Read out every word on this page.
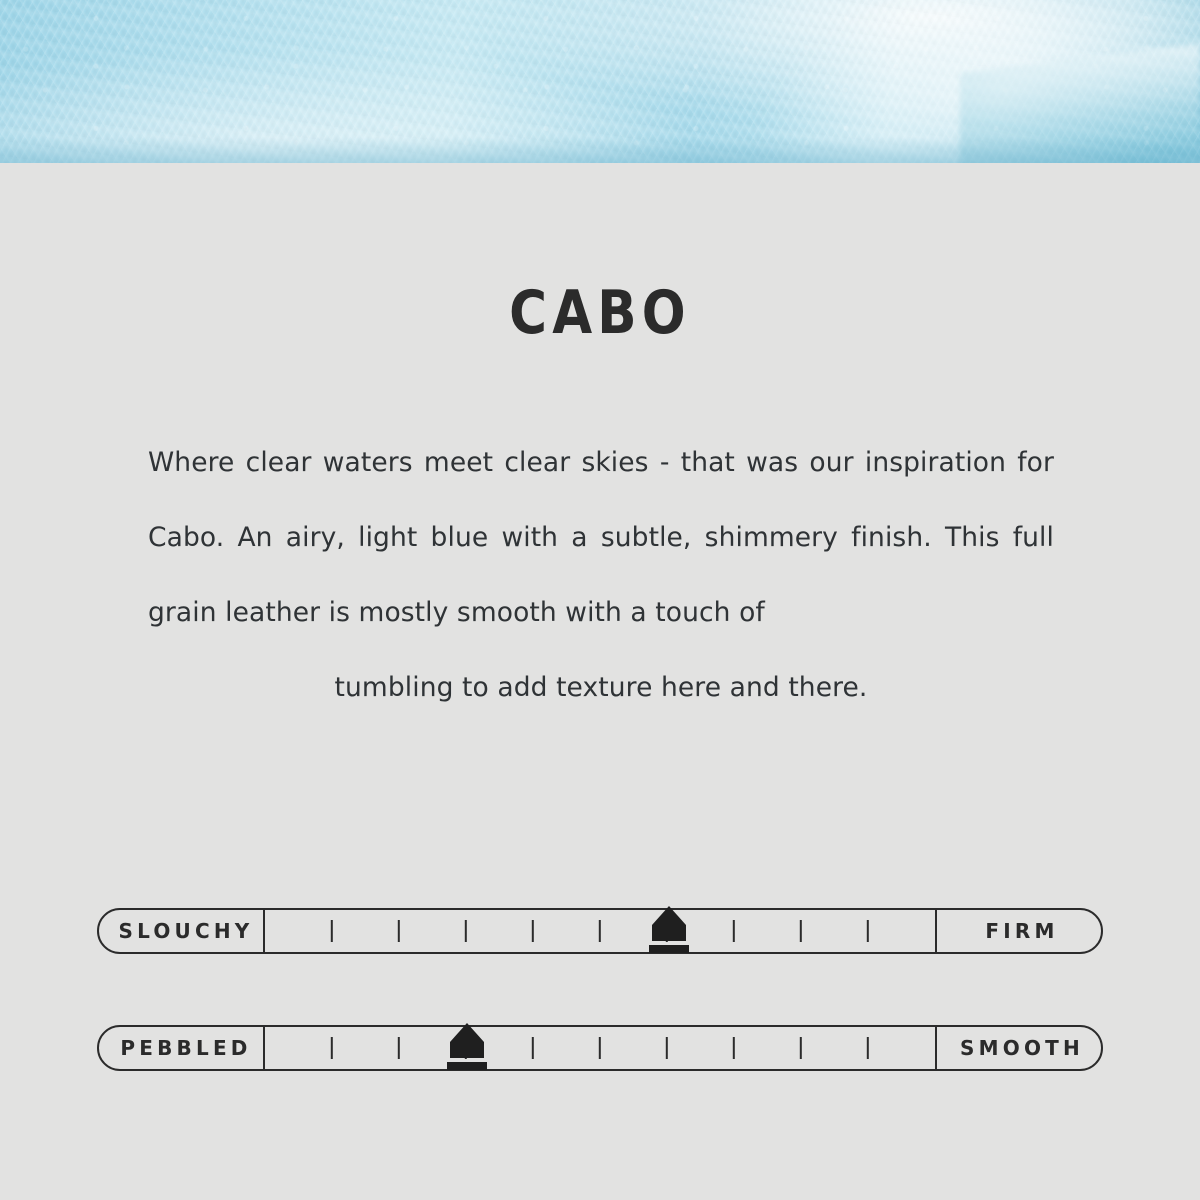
CABO
Where clear waters meet clear skies - that was our inspiration for Cabo. An airy, light blue with a subtle, shimmery finish. This full grain leather is mostly smooth with a touch of
tumbling to add texture here and there.
SLOUCHY	FIRM
PEBBLED	SMOOTH
